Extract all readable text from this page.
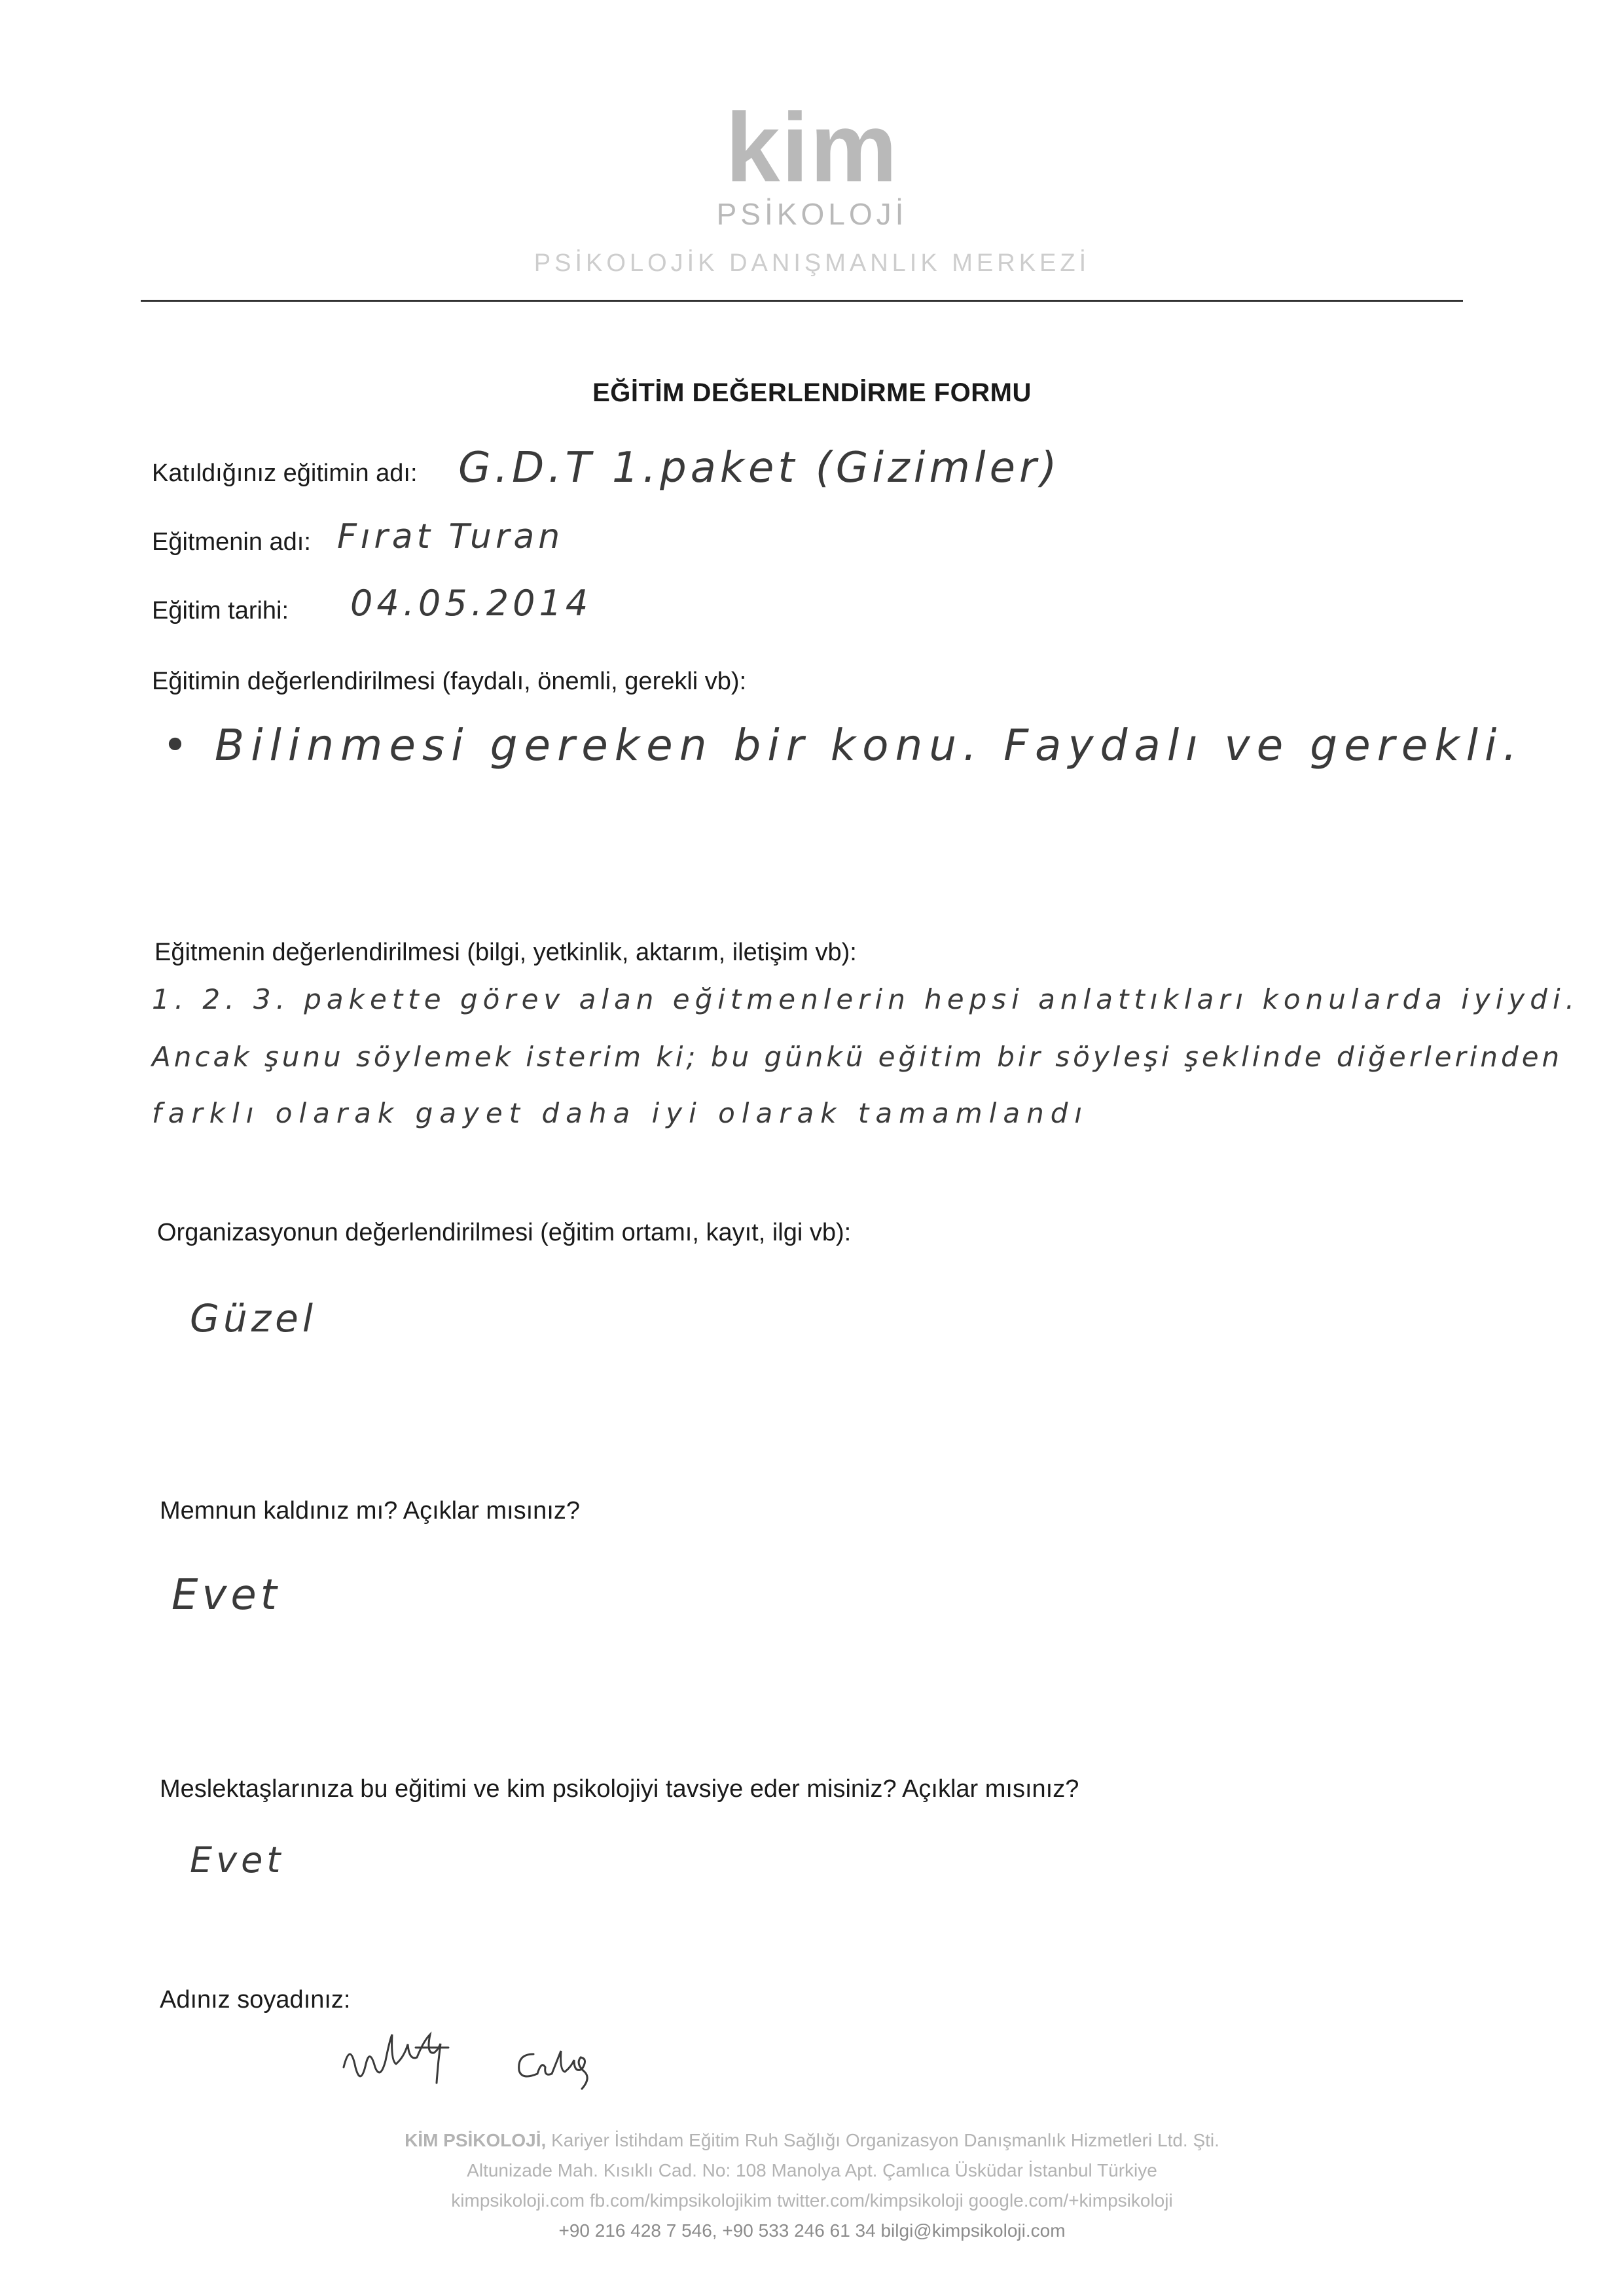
kim
PSİKOLOJİ
PSİKOLOJİK DANIŞMANLIK MERKEZİ
EĞİTİM DEĞERLENDİRME FORMU
Katıldığınız eğitimin adı: G.D.T 1.paket (Gizimler)
Eğitmenin adı: Fırat Turan
Eğitim tarihi: 04.05.2014
Eğitimin değerlendirilmesi (faydalı, önemli, gerekli vb):
• Bilinmesi gereken bir konu. Faydalı ve gerekli.
Eğitmenin değerlendirilmesi (bilgi, yetkinlik, aktarım, iletişim vb):
1. 2. 3. pakette görev alan eğitmenlerin hepsi anlattıkları konularda iyiydi.
Ancak şunu söylemek isterim ki; bu günkü eğitim bir söyleşi şeklinde diğerlerinden
farklı olarak gayet daha iyi olarak tamamlandı
Organizasyonun değerlendirilmesi (eğitim ortamı, kayıt, ilgi vb):
Güzel
Memnun kaldınız mı? Açıklar mısınız?
Evet
Meslektaşlarınıza bu eğitimi ve kim psikolojiyi tavsiye eder misiniz? Açıklar mısınız?
Evet
Adınız soyadınız:
KİM PSİKOLOJİ, Kariyer İstihdam Eğitim Ruh Sağlığı Organizasyon Danışmanlık Hizmetleri Ltd. Şti.
Altunizade Mah. Kısıklı Cad. No: 108 Manolya Apt. Çamlıca Üsküdar İstanbul Türkiye
kimpsikoloji.com fb.com/kimpsikolojikim twitter.com/kimpsikoloji google.com/+kimpsikoloji
+90 216 428 7 546, +90 533 246 61 34 bilgi@kimpsikoloji.com
